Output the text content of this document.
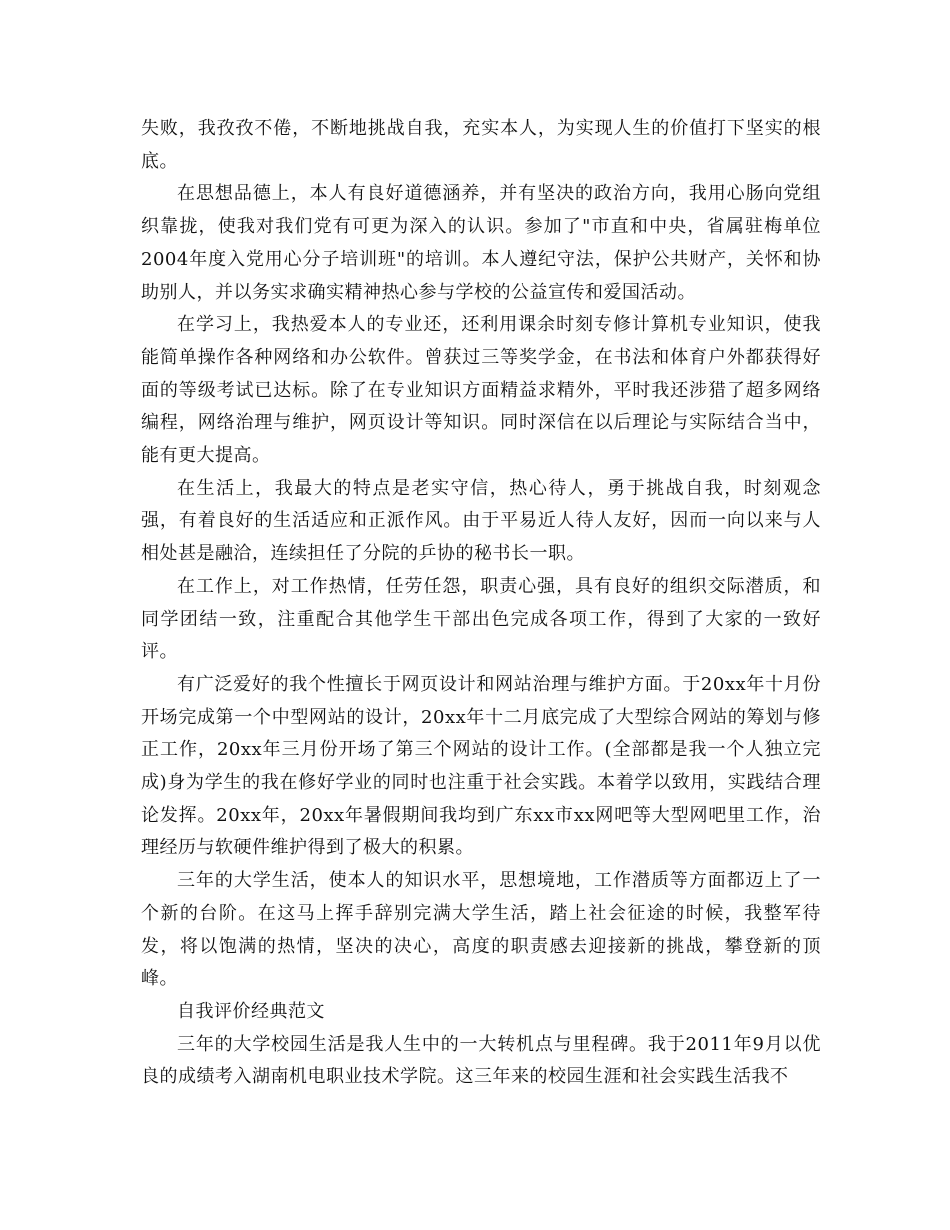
失败，我孜孜不倦，不断地挑战自我，充实本人，为实现人生的价值打下坚实的根底。

在思想品德上，本人有良好道德涵养，并有坚决的政治方向，我用心肠向党组织靠拢，使我对我们党有可更为深入的认识。参加了"市直和中央，省属驻梅单位2004年度入党用心分子培训班"的培训。本人遵纪守法，保护公共财产，关怀和协助别人，并以务实求确实精神热心参与学校的公益宣传和爱国活动。

在学习上，我热爱本人的专业还，还利用课余时刻专修计算机专业知识，使我能简单操作各种网络和办公软件。曾获过三等奖学金，在书法和体育户外都获得好面的等级考试已达标。除了在专业知识方面精益求精外，平时我还涉猎了超多网络编程，网络治理与维护，网页设计等知识。同时深信在以后理论与实际结合当中，能有更大提高。

在生活上，我最大的特点是老实守信，热心待人，勇于挑战自我，时刻观念强，有着良好的生活适应和正派作风。由于平易近人待人友好，因而一向以来与人相处甚是融洽，连续担任了分院的乒协的秘书长一职。

在工作上，对工作热情，任劳任怨，职责心强，具有良好的组织交际潜质，和同学团结一致，注重配合其他学生干部出色完成各项工作，得到了大家的一致好评。

有广泛爱好的我个性擅长于网页设计和网站治理与维护方面。于20xx年十月份开场完成第一个中型网站的设计，20xx年十二月底完成了大型综合网站的筹划与修正工作，20xx年三月份开场了第三个网站的设计工作。(全部都是我一个人独立完成)身为学生的我在修好学业的同时也注重于社会实践。本着学以致用，实践结合理论发挥。20xx年，20xx年暑假期间我均到广东xx市xx网吧等大型网吧里工作，治理经历与软硬件维护得到了极大的积累。

三年的大学生活，使本人的知识水平，思想境地，工作潜质等方面都迈上了一个新的台阶。在这马上挥手辞别完满大学生活，踏上社会征途的时候，我整军待发，将以饱满的热情，坚决的决心，高度的职责感去迎接新的挑战，攀登新的顶峰。

自我评价经典范文

三年的大学校园生活是我人生中的一大转机点与里程碑。我于2011年9月以优良的成绩考入湖南机电职业技术学院。这三年来的校园生涯和社会实践生活我不
